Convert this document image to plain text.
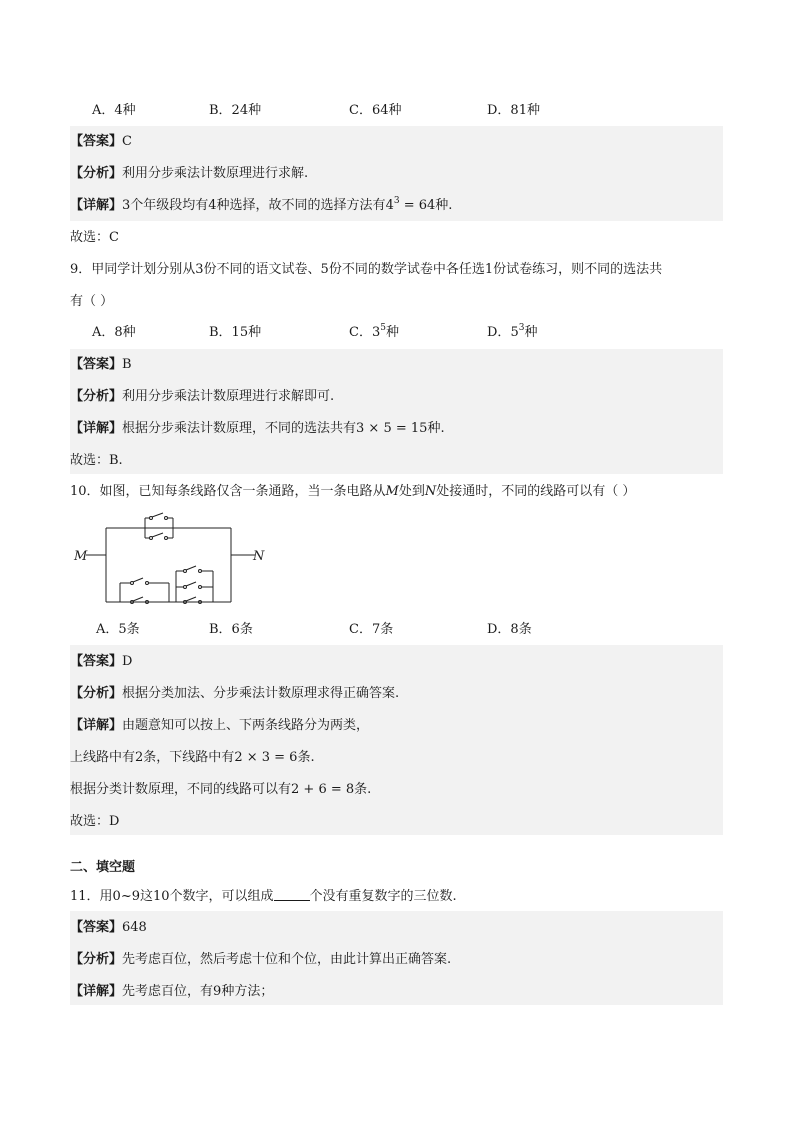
A．4种	B．24种	C．64种	D．81种
【答案】C
【分析】利用分步乘法计数原理进行求解.
【详解】3个年级段均有4种选择，故不同的选择方法有$4^3 = 64$种.
故选：C
9．甲同学计划分别从3份不同的语文试卷、5份不同的数学试卷中各任选1份试卷练习，则不同的选法共
有（ ）
A．8种	B．15种	C．$3^5$种	D．$5^3$种
【答案】B
【分析】利用分步乘法计数原理进行求解即可.
【详解】根据分步乘法计数原理，不同的选法共有3 × 5 = 15种.
故选：B.
10．如图，已知每条线路仅含一条通路，当一条电路从M处到N处接通时，不同的线路可以有（ ）
M	N
A．5条	B．6条	C．7条	D．8条
【答案】D
【分析】根据分类加法、分步乘法计数原理求得正确答案.
【详解】由题意知可以按上、下两条线路分为两类，
上线路中有2条，下线路中有2 × 3 = 6条.
根据分类计数原理，不同的线路可以有2 + 6 = 8条.
故选：D
二、填空题
11．用0~9这10个数字，可以组成	个没有重复数字的三位数.
【答案】648
【分析】先考虑百位，然后考虑十位和个位，由此计算出正确答案.
【详解】先考虑百位，有9种方法；
